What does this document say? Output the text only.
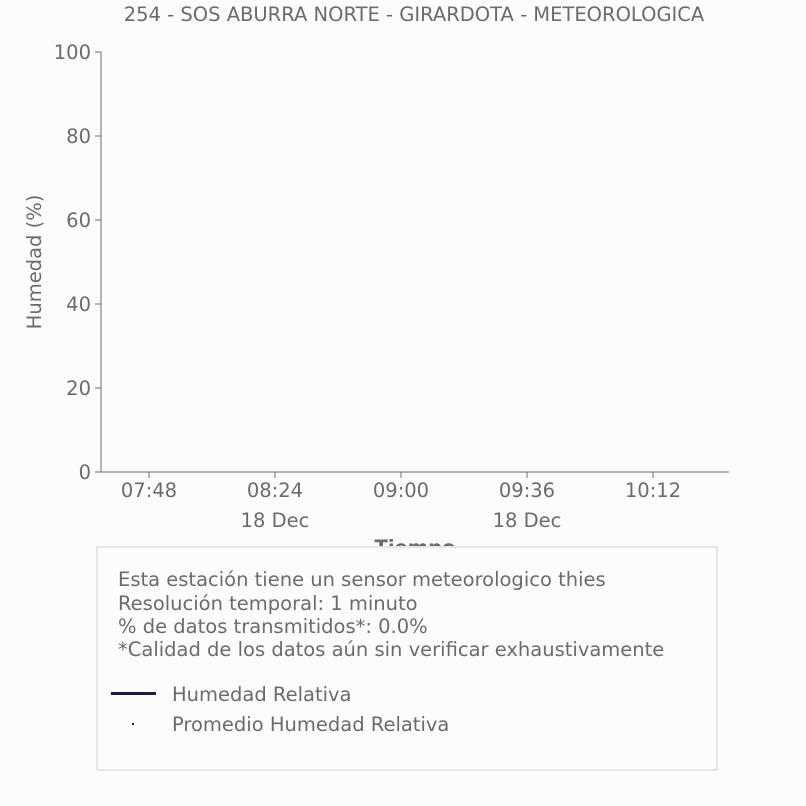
254 - SOS ABURRA NORTE - GIRARDOTA - METEOROLOGICA
0
20
40
60
80
100
07:48	08:24
18 Dec
09:00	09:36
18 Dec
10:12
Humedad (%)
Esta estación tiene un sensor meteorologico thies
Resolución temporal: 1 minuto
% de datos transmitidos*: 0.0%
*Calidad de los datos aún sin verificar exhaustivamente
Humedad Relativa
Promedio Humedad Relativa
